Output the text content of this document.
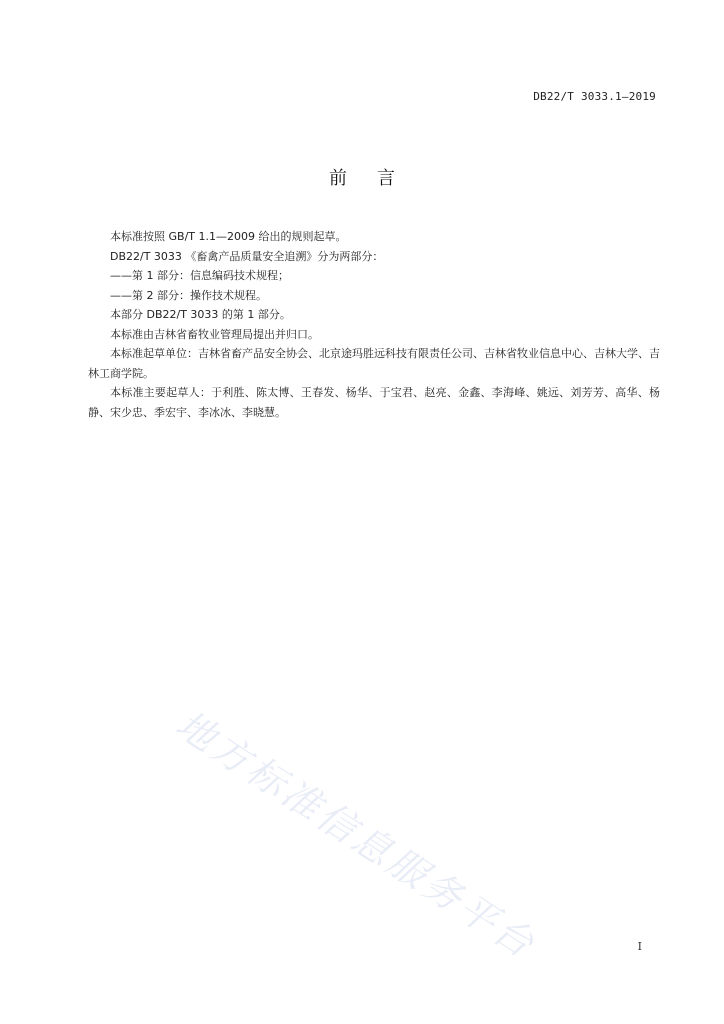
DB22/T 3033.1—2019
前言

本标准按照 GB/T 1.1—2009 给出的规则起草。

DB22/T 3033 《畜禽产品质量安全追溯》分为两部分：

——第 1 部分：信息编码技术规程；

——第 2 部分：操作技术规程。

本部分 DB22/T 3033 的第 1 部分。

本标准由吉林省畜牧业管理局提出并归口。

本标准起草单位：吉林省畜产品安全协会、北京途玛胜远科技有限责任公司、吉林省牧业信息中心、吉林大学、吉林工商学院。

本标准主要起草人：于利胜、陈太博、王春发、杨华、于宝君、赵亮、金鑫、李海峰、姚远、刘芳芳、高华、杨静、宋少忠、季宏宇、李冰冰、李晓慧。

地方标准信息服务平台	I
